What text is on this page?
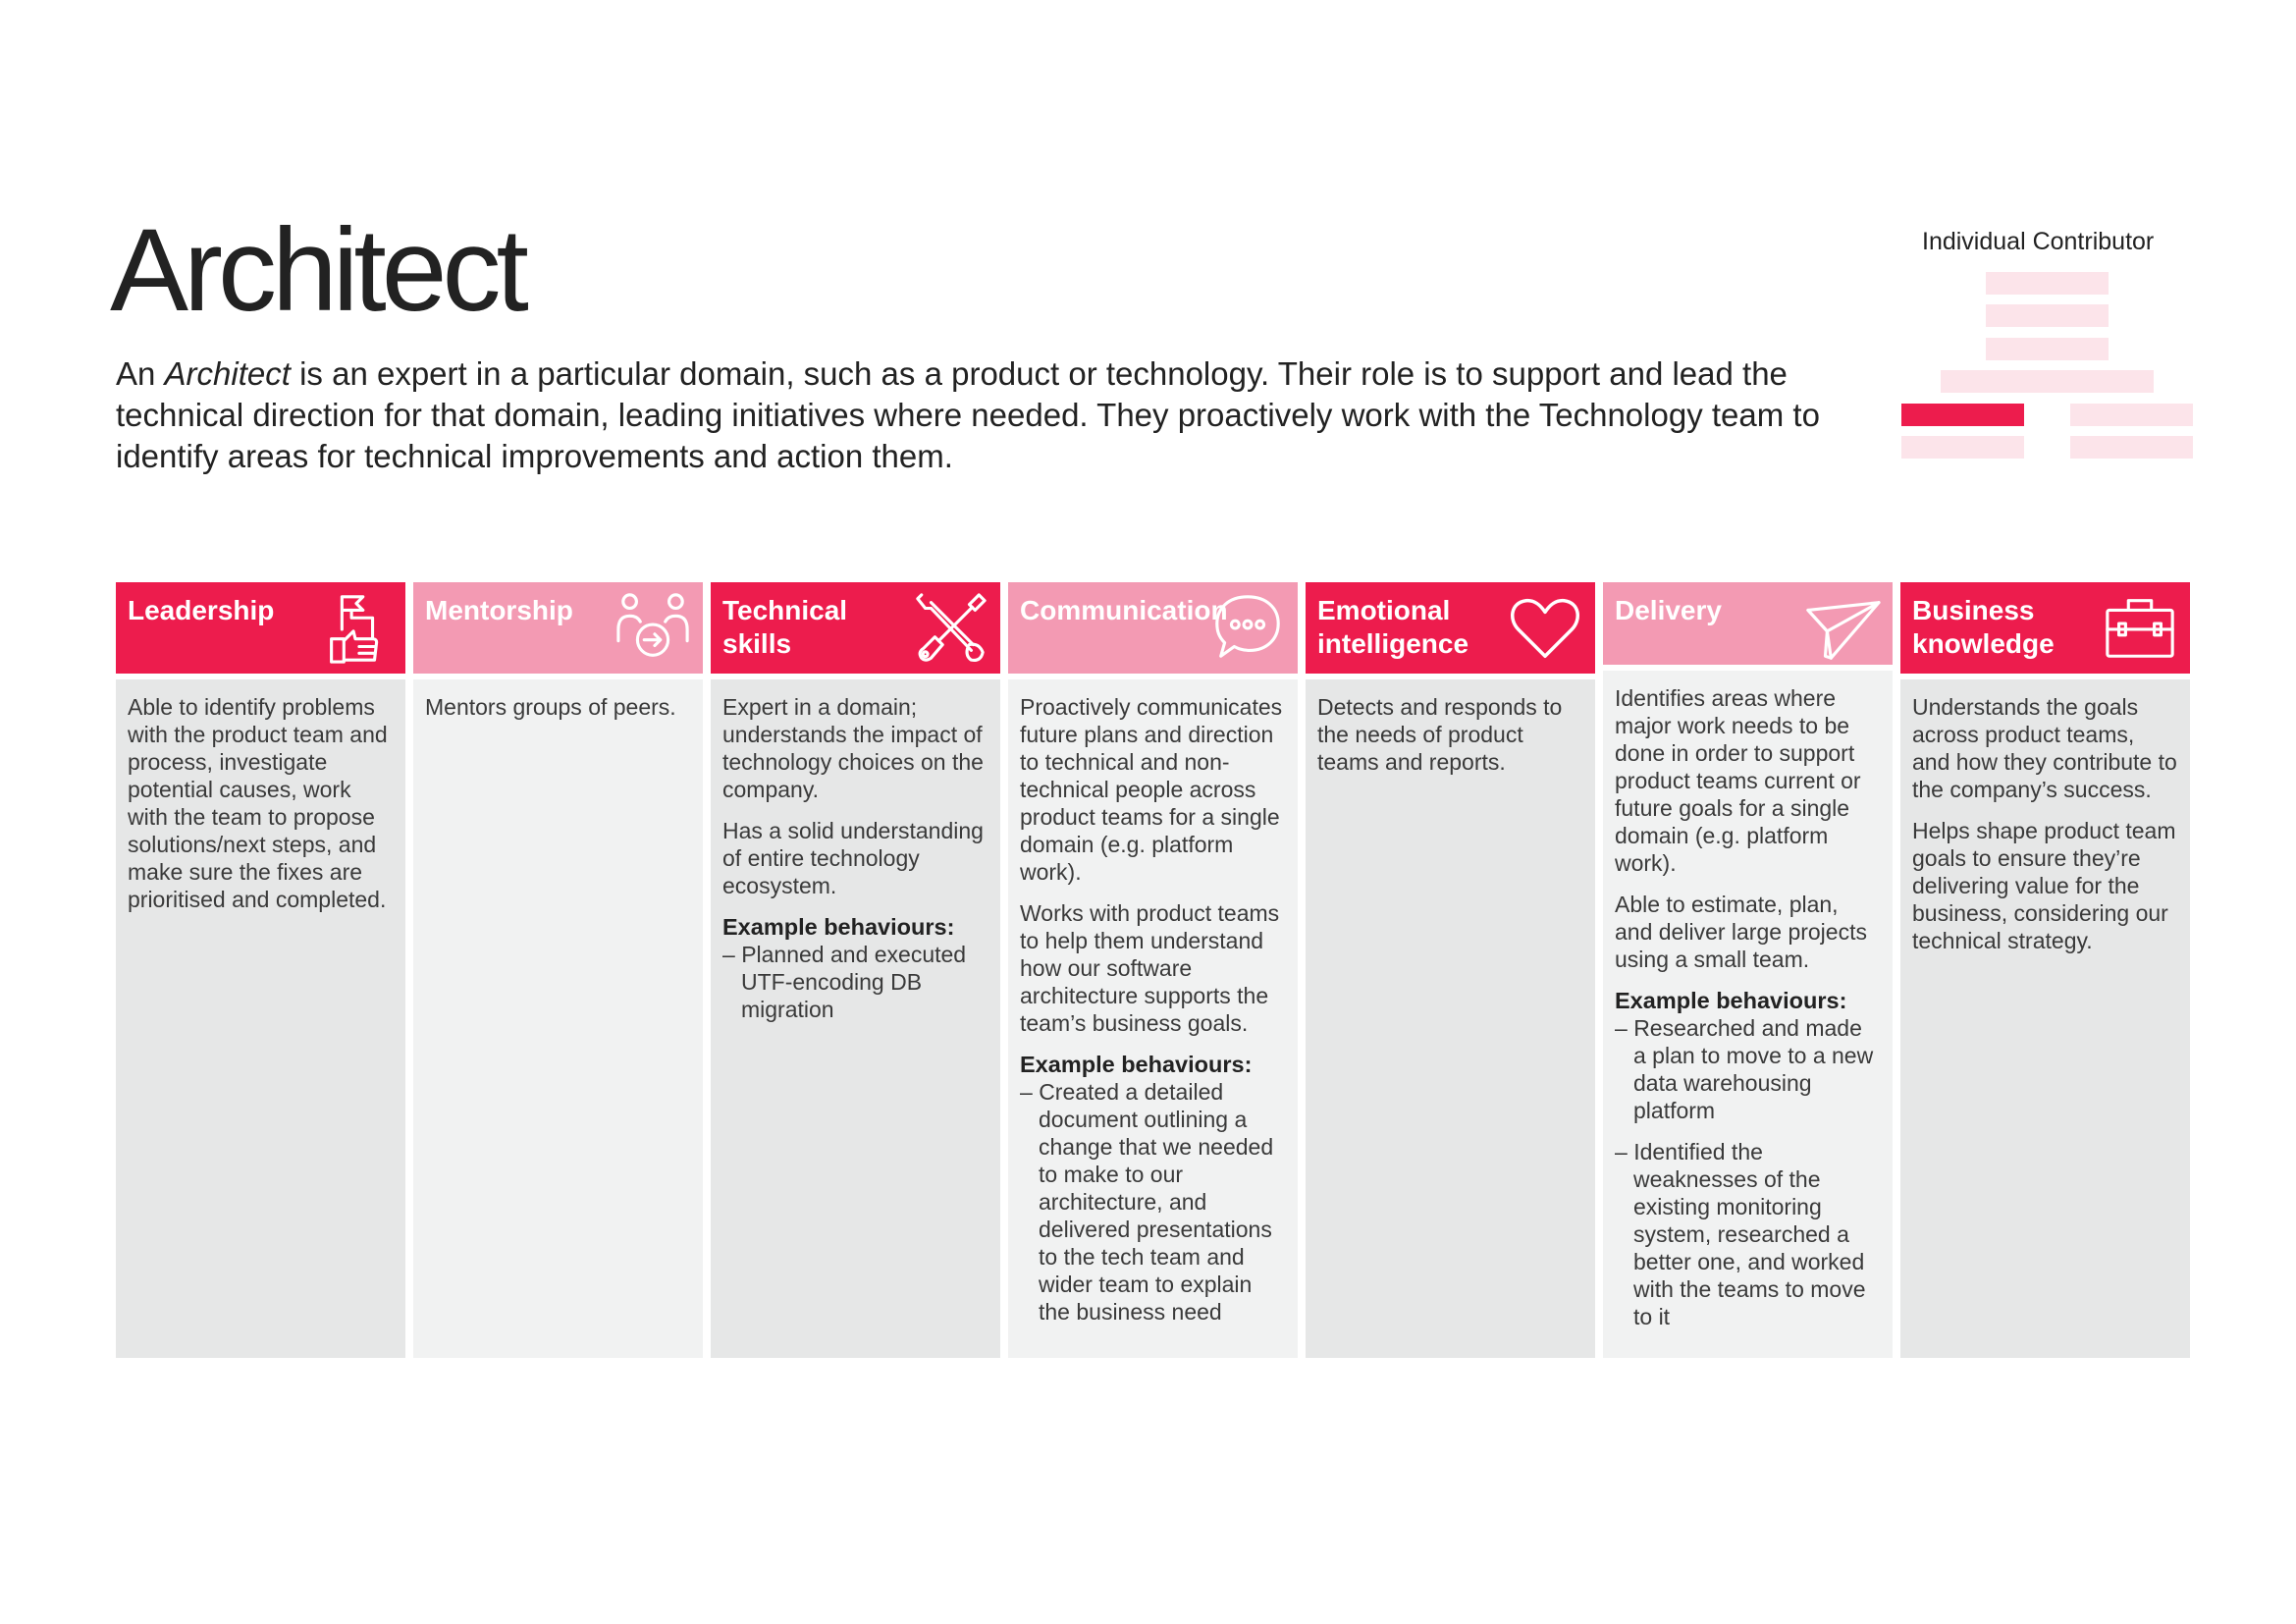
Architect
An Architect is an expert in a particular domain, such as a product or technology. Their role is to support and lead the technical direction for that domain, leading initiatives where needed. They proactively work with the Technology team to identify areas for technical improvements and action them.
Individual Contributor
Leadership

Able to identify problems with the product team and process, investigate potential causes, work with the team to propose solutions/next steps, and make sure the fixes are prioritised and completed.

Mentorship

Mentors groups of peers.

Technical skills

Expert in a domain; understands the impact of technology choices on the company.

Has a solid understanding of entire technology ecosystem.

Example behaviours:
– Planned and executed UTF-encoding DB migration
Communication

Proactively communicates future plans and direction to technical and non-technical people across product teams for a single domain (e.g. platform work).

Works with product teams to help them understand how our software architecture supports the team’s business goals.

Example behaviours:
– Created a detailed document outlining a change that we needed to make to our architecture, and delivered presentations to the tech team and wider team to explain the business need
Emotional intelligence

Detects and responds to the needs of product teams and reports.

Delivery

Identifies areas where major work needs to be done in order to support product teams current or future goals for a single domain (e.g. platform work).

Able to estimate, plan, and deliver large projects using a small team.

Example behaviours:
– Researched and made a plan to move to a new data warehousing platform
– Identified the weaknesses of the existing monitoring system, researched a better one, and worked with the teams to move to it
Business knowledge

Understands the goals across product teams, and how they contribute to the company’s success.

Helps shape product team goals to ensure they’re delivering value for the business, considering our technical strategy.
